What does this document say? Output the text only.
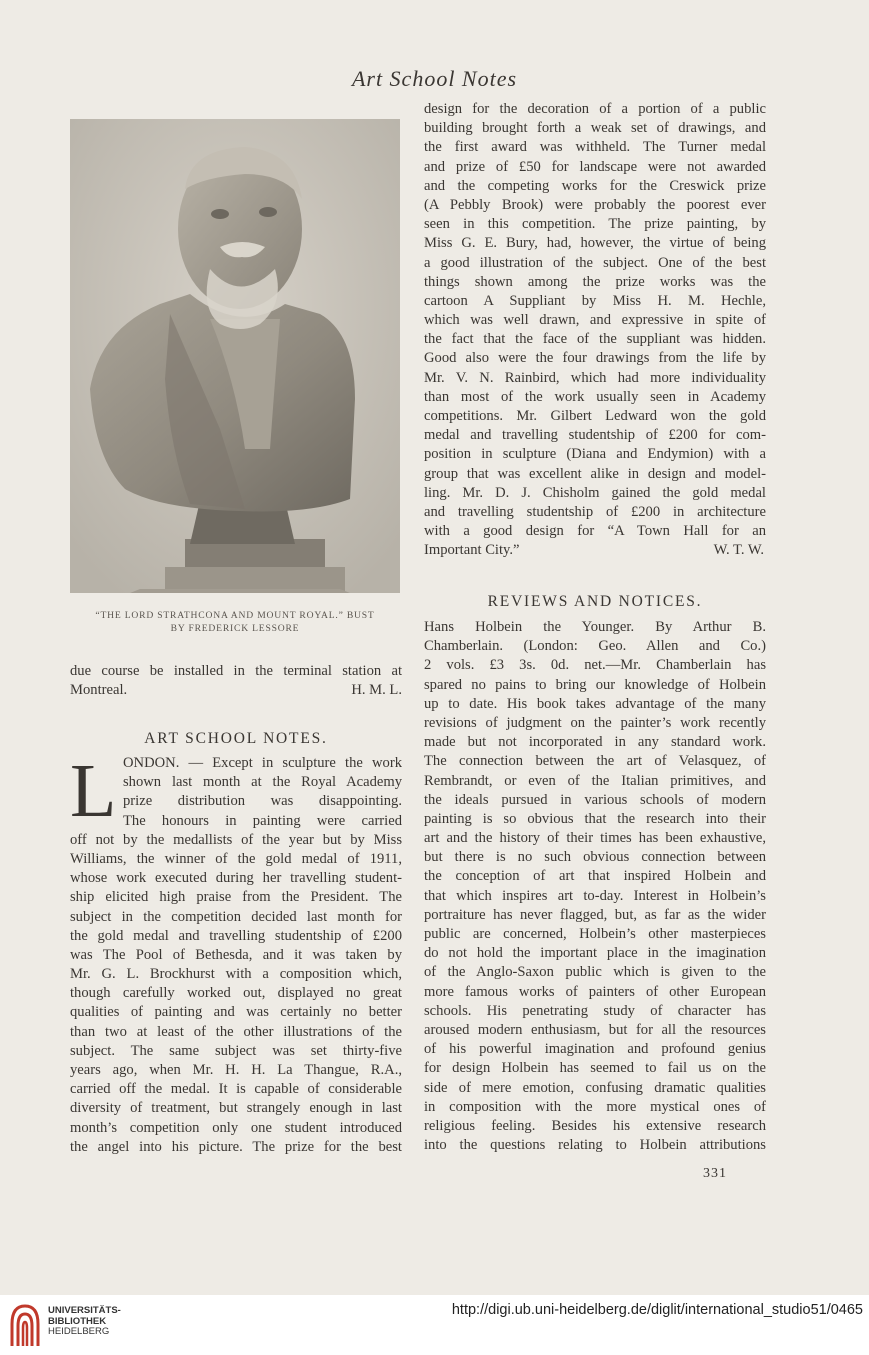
Art School Notes
“THE LORD STRATHCONA AND MOUNT ROYAL.” BUST
BY FREDERICK LESSORE
due course be installed in the terminal station at
Montreal.	H. M. L.
ART SCHOOL NOTES.
L ONDON. — Except in sculpture the work
shown last month at the Royal Academy
prize distribution was disappointing.
The honours in painting were carried
off not by the medallists of the year but by Miss
Williams, the winner of the gold medal of 1911,
whose work executed during her travelling student-
ship elicited high praise from the President. The
subject in the competition decided last month for
the gold medal and travelling studentship of £200
was The Pool of Bethesda, and it was taken by
Mr. G. L. Brockhurst with a composition which,
though carefully worked out, displayed no great
qualities of painting and was certainly no better
than two at least of the other illustrations of the
subject. The same subject was set thirty-five
years ago, when Mr. H. H. La Thangue, R.A.,
carried off the medal. It is capable of considerable
diversity of treatment, but strangely enough in last
month’s competition only one student introduced
the angel into his picture. The prize for the best
design for the decoration of a portion of a public
building brought forth a weak set of drawings, and
the first award was withheld. The Turner medal
and prize of £50 for landscape were not awarded
and the competing works for the Creswick prize
(A Pebbly Brook) were probably the poorest ever
seen in this competition. The prize painting, by
Miss G. E. Bury, had, however, the virtue of being
a good illustration of the subject. One of the best
things shown among the prize works was the
cartoon A Suppliant by Miss H. M. Hechle,
which was well drawn, and expressive in spite of
the fact that the face of the suppliant was hidden.
Good also were the four drawings from the life by
Mr. V. N. Rainbird, which had more individuality
than most of the work usually seen in Academy
competitions. Mr. Gilbert Ledward won the gold
medal and travelling studentship of £200 for com-
position in sculpture (Diana and Endymion) with a
group that was excellent alike in design and model-
ling. Mr. D. J. Chisholm gained the gold medal
and travelling studentship of £200 in architecture
with a good design for “A Town Hall for an
Important City.”	W. T. W.
REVIEWS AND NOTICES.
Hans Holbein the Younger. By Arthur B.
Chamberlain. (London: Geo. Allen and Co.)
2 vols. £3 3s. 0d. net.—Mr. Chamberlain has
spared no pains to bring our knowledge of Holbein
up to date. His book takes advantage of the many
revisions of judgment on the painter’s work recently
made but not incorporated in any standard work.
The connection between the art of Velasquez, of
Rembrandt, or even of the Italian primitives, and
the ideals pursued in various schools of modern
painting is so obvious that the research into their
art and the history of their times has been exhaustive,
but there is no such obvious connection between
the conception of art that inspired Holbein and
that which inspires art to-day. Interest in Holbein’s
portraiture has never flagged, but, as far as the wider
public are concerned, Holbein’s other masterpieces
do not hold the important place in the imagination
of the Anglo-Saxon public which is given to the
more famous works of painters of other European
schools. His penetrating study of character has
aroused modern enthusiasm, but for all the resources
of his powerful imagination and profound genius
for design Holbein has seemed to fail us on the
side of mere emotion, confusing dramatic qualities
in composition with the more mystical ones of
religious feeling. Besides his extensive research
into the questions relating to Holbein attributions
331
UNIVERSITÄTS-
BIBLIOTHEK
HEIDELBERG
http://digi.ub.uni-heidelberg.de/diglit/international_studio51/0465
